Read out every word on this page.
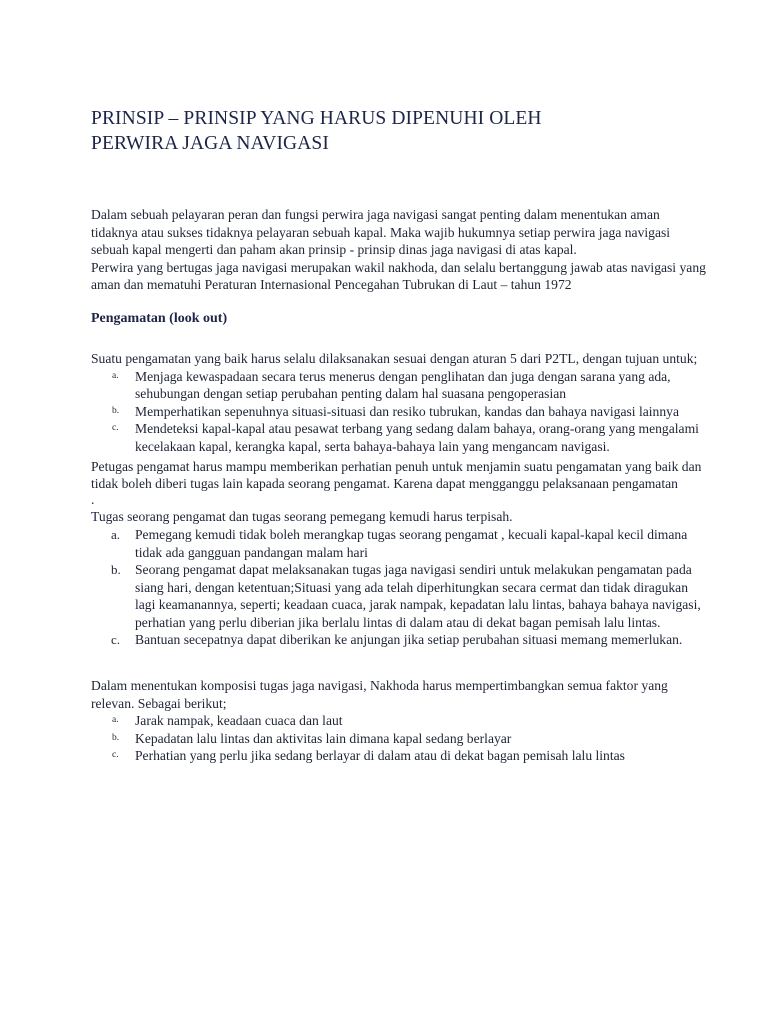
PRINSIP – PRINSIP YANG HARUS DIPENUHI OLEH
PERWIRA JAGA NAVIGASI

Dalam sebuah pelayaran peran dan fungsi perwira jaga navigasi sangat penting dalam menentukan aman tidaknya atau sukses tidaknya pelayaran sebuah kapal. Maka wajib hukumnya setiap perwira jaga navigasi sebuah kapal mengerti dan paham akan prinsip - prinsip dinas jaga navigasi di atas kapal.

Perwira yang bertugas jaga navigasi merupakan wakil nakhoda, dan selalu bertanggung jawab atas navigasi yang aman dan mematuhi Peraturan Internasional Pencegahan Tubrukan di Laut – tahun 1972

Pengamatan (look out)

Suatu pengamatan yang baik harus selalu dilaksanakan sesuai dengan aturan 5 dari P2TL, dengan tujuan untuk;

a. Menjaga kewaspadaan secara terus menerus dengan penglihatan dan juga dengan sarana yang ada, sehubungan dengan setiap perubahan penting dalam hal suasana pengoperasian
b. Memperhatikan sepenuhnya situasi-situasi dan resiko tubrukan, kandas dan bahaya navigasi lainnya
c. Mendeteksi kapal-kapal atau pesawat terbang yang sedang dalam bahaya, orang-orang yang mengalami kecelakaan kapal, kerangka kapal, serta bahaya-bahaya lain yang mengancam navigasi.

Petugas pengamat harus mampu memberikan perhatian penuh untuk menjamin suatu pengamatan yang baik dan tidak boleh diberi tugas lain kapada seorang pengamat. Karena dapat mengganggu pelaksanaan pengamatan

.

Tugas seorang pengamat dan tugas seorang pemegang kemudi harus terpisah.

a. Pemegang kemudi tidak boleh merangkap tugas seorang pengamat , kecuali kapal-kapal kecil dimana tidak ada gangguan pandangan malam hari
b. Seorang pengamat dapat melaksanakan tugas jaga navigasi sendiri untuk melakukan pengamatan pada siang hari, dengan ketentuan;Situasi yang ada telah diperhitungkan secara cermat dan tidak diragukan lagi keamanannya, seperti; keadaan cuaca, jarak nampak, kepadatan lalu lintas, bahaya bahaya navigasi, perhatian yang perlu diberian jika berlalu lintas di dalam atau di dekat bagan pemisah lalu lintas.
c. Bantuan secepatnya dapat diberikan ke anjungan jika setiap perubahan situasi memang memerlukan.

Dalam menentukan komposisi tugas jaga navigasi, Nakhoda harus mempertimbangkan semua faktor yang relevan. Sebagai berikut;

a. Jarak nampak, keadaan cuaca dan laut
b. Kepadatan lalu lintas dan aktivitas lain dimana kapal sedang berlayar
c. Perhatian yang perlu jika sedang berlayar di dalam atau di dekat bagan pemisah lalu lintas
